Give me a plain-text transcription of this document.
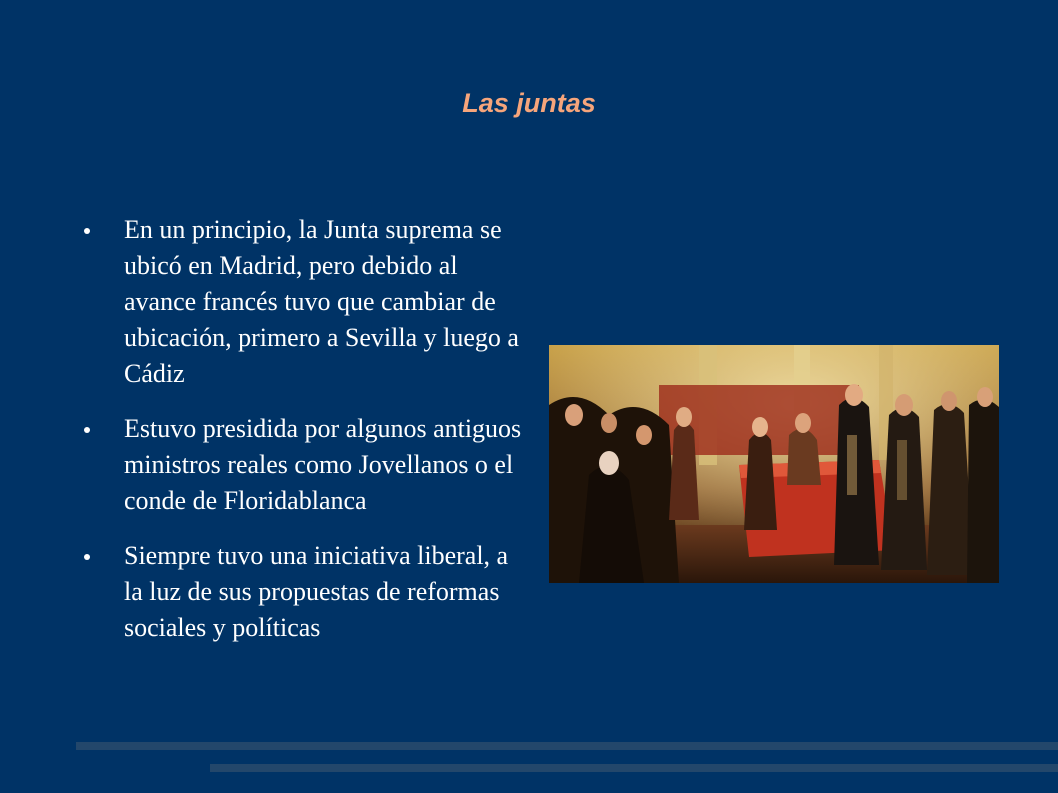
Las juntas
En un principio, la Junta suprema se ubicó en Madrid, pero debido al avance francés tuvo que cambiar de ubicación, primero a Sevilla y luego a Cádiz
Estuvo presidida por algunos antiguos ministros reales como Jovellanos o el conde de Floridablanca
Siempre tuvo una iniciativa liberal, a la luz de sus propuestas de reformas sociales y políticas
